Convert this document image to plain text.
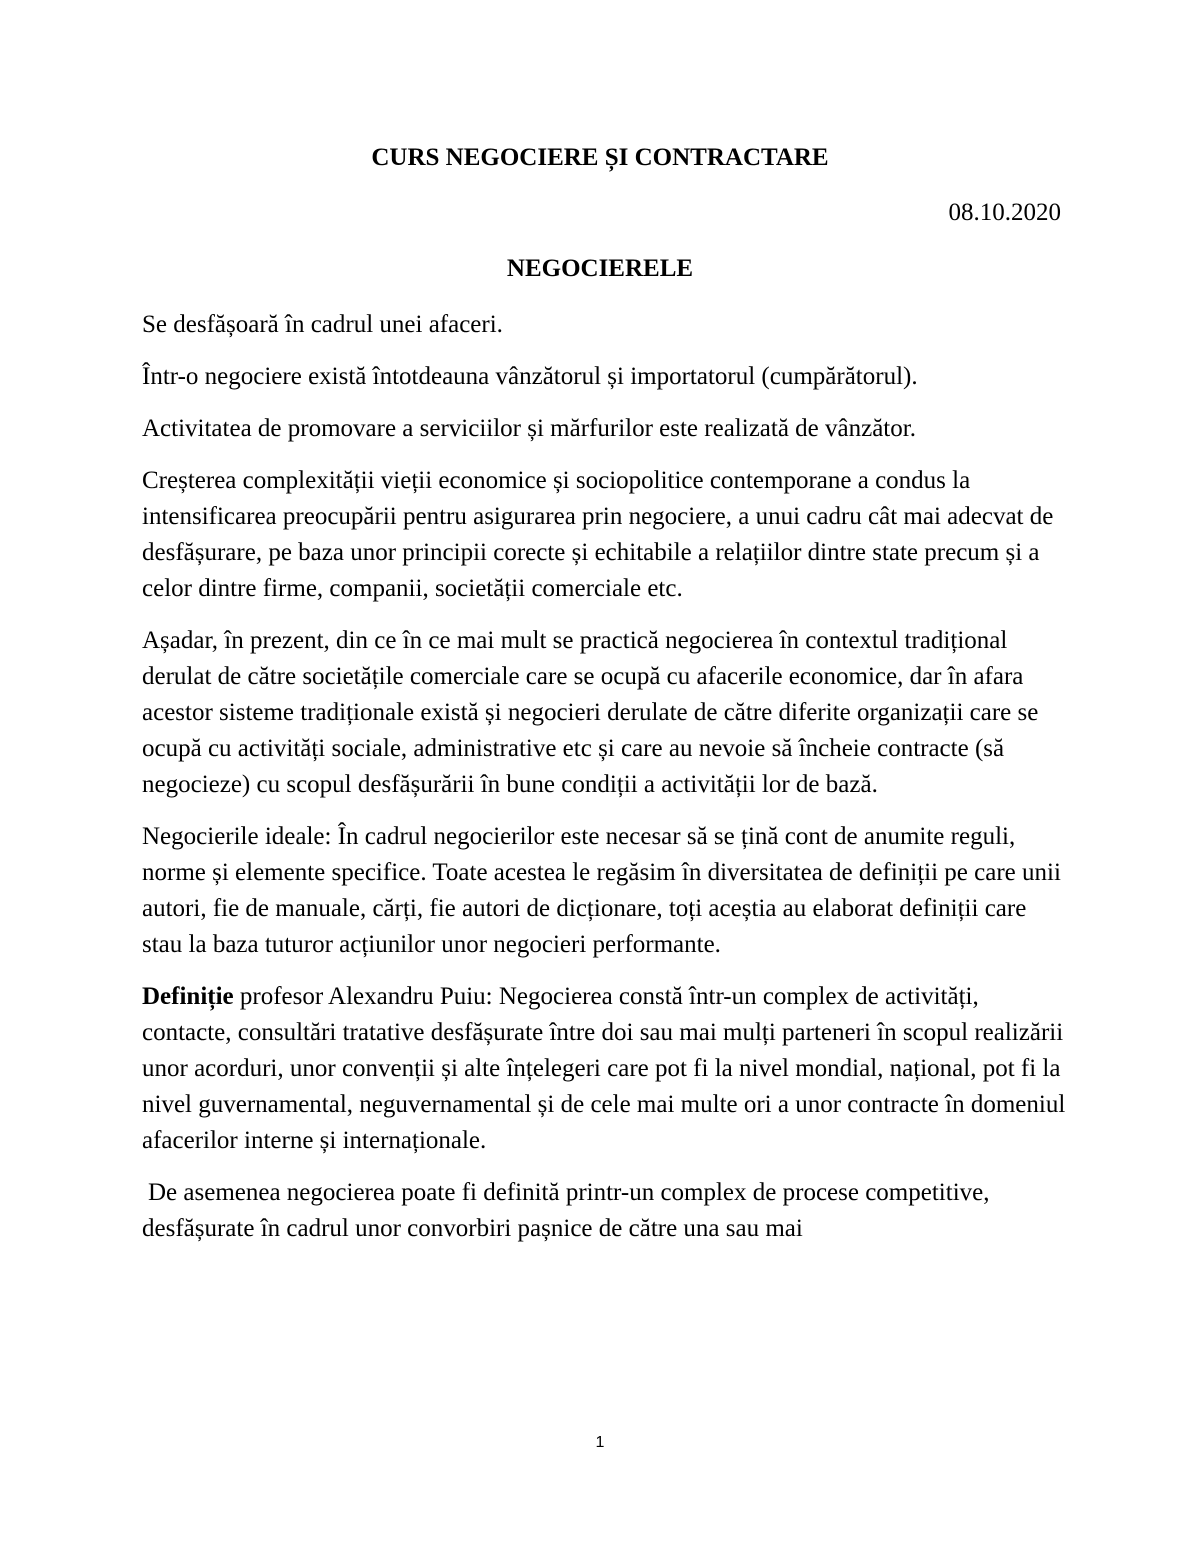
CURS NEGOCIERE ȘI CONTRACTARE
08.10.2020
NEGOCIERELE

Se desfășoară în cadrul unei afaceri.

Într-o negociere există întotdeauna vânzătorul și importatorul (cumpărătorul).

Activitatea de promovare a serviciilor și mărfurilor este realizată de vânzător.

Creșterea complexității vieții economice și sociopolitice contemporane a condus la intensificarea preocupării pentru asigurarea prin negociere, a unui cadru cât mai adecvat de desfășurare, pe baza unor principii corecte și echitabile a relațiilor dintre state precum și a celor dintre firme, companii, societății comerciale etc.

Așadar, în prezent, din ce în ce mai mult se practică negocierea în contextul tradițional derulat de către societățile comerciale care se ocupă cu afacerile economice, dar în afara acestor sisteme tradiționale există și negocieri derulate de către diferite organizații care se ocupă cu activități sociale, administrative etc și care au nevoie să încheie contracte (să negocieze) cu scopul desfășurării în bune condiții a activității lor de bază.

Negocierile ideale: În cadrul negocierilor este necesar să se țină cont de anumite reguli, norme și elemente specifice. Toate acestea le regăsim în diversitatea de definiții pe care unii autori, fie de manuale, cărți, fie autori de dicționare, toți aceștia au elaborat definiții care stau la baza tuturor acțiunilor unor negocieri performante.

Definiție profesor Alexandru Puiu: Negocierea constă într-un complex de activități, contacte, consultări tratative desfășurate între doi sau mai mulți parteneri în scopul realizării unor acorduri, unor convenții și alte înțelegeri care pot fi la nivel mondial, național, pot fi la nivel guvernamental, neguvernamental și de cele mai multe ori a unor contracte în domeniul afacerilor interne și internaționale.

De asemenea negocierea poate fi definită printr-un complex de procese competitive, desfășurate în cadrul unor convorbiri pașnice de către una sau mai

1
